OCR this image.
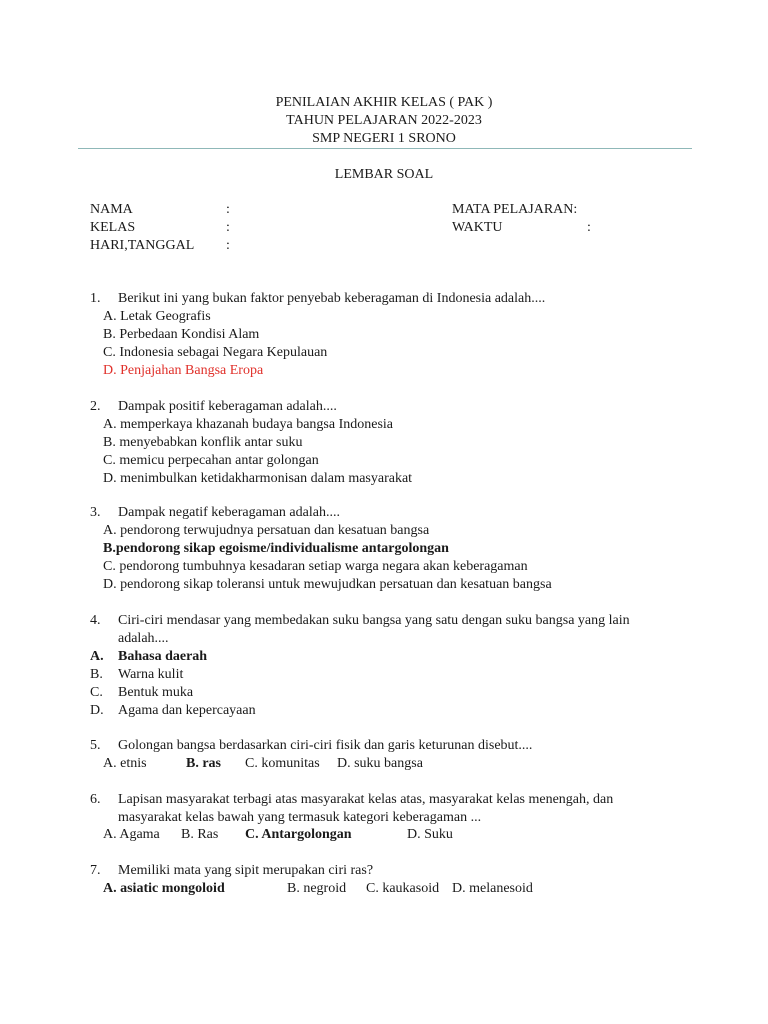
PENILAIAN AKHIR KELAS ( PAK )
TAHUN PELAJARAN 2022-2023
SMP NEGERI 1 SRONO
LEMBAR SOAL
NAMA	:	MATA PELAJARAN:
KELAS	:	WAKTU	:
HARI,TANGGAL :
1. Berikut ini yang bukan faktor penyebab keberagaman di Indonesia adalah....
A. Letak Geografis
B. Perbedaan Kondisi Alam
C. Indonesia sebagai Negara Kepulauan
D. Penjajahan Bangsa Eropa
2. Dampak positif keberagaman adalah....
A. memperkaya khazanah budaya bangsa Indonesia
B. menyebabkan konflik antar suku
C. memicu perpecahan antar golongan
D. menimbulkan ketidakharmonisan dalam masyarakat
3. Dampak negatif keberagaman adalah....
A. pendorong terwujudnya persatuan dan kesatuan bangsa
B.pendorong sikap egoisme/individualisme antargolongan
C. pendorong tumbuhnya kesadaran setiap warga negara akan keberagaman
D. pendorong sikap toleransi untuk mewujudkan persatuan dan kesatuan bangsa
4. Ciri-ciri mendasar yang membedakan suku bangsa yang satu dengan suku bangsa yang lain
adalah....
A. Bahasa daerah
B. Warna kulit
C. Bentuk muka
D. Agama dan kepercayaan
5. Golongan bangsa berdasarkan ciri-ciri fisik dan garis keturunan disebut....
A. etnis	B. ras C. komunitas D. suku bangsa
6. Lapisan masyarakat terbagi atas masyarakat kelas atas, masyarakat kelas menengah, dan
masyarakat kelas bawah yang termasuk kategori keberagaman ...
A. Agama B. Ras C. Antargolongan	D. Suku
7. Memiliki mata yang sipit merupakan ciri ras?
A. asiatic mongoloid	B. negroid C. kaukasoid D. melanesoid
